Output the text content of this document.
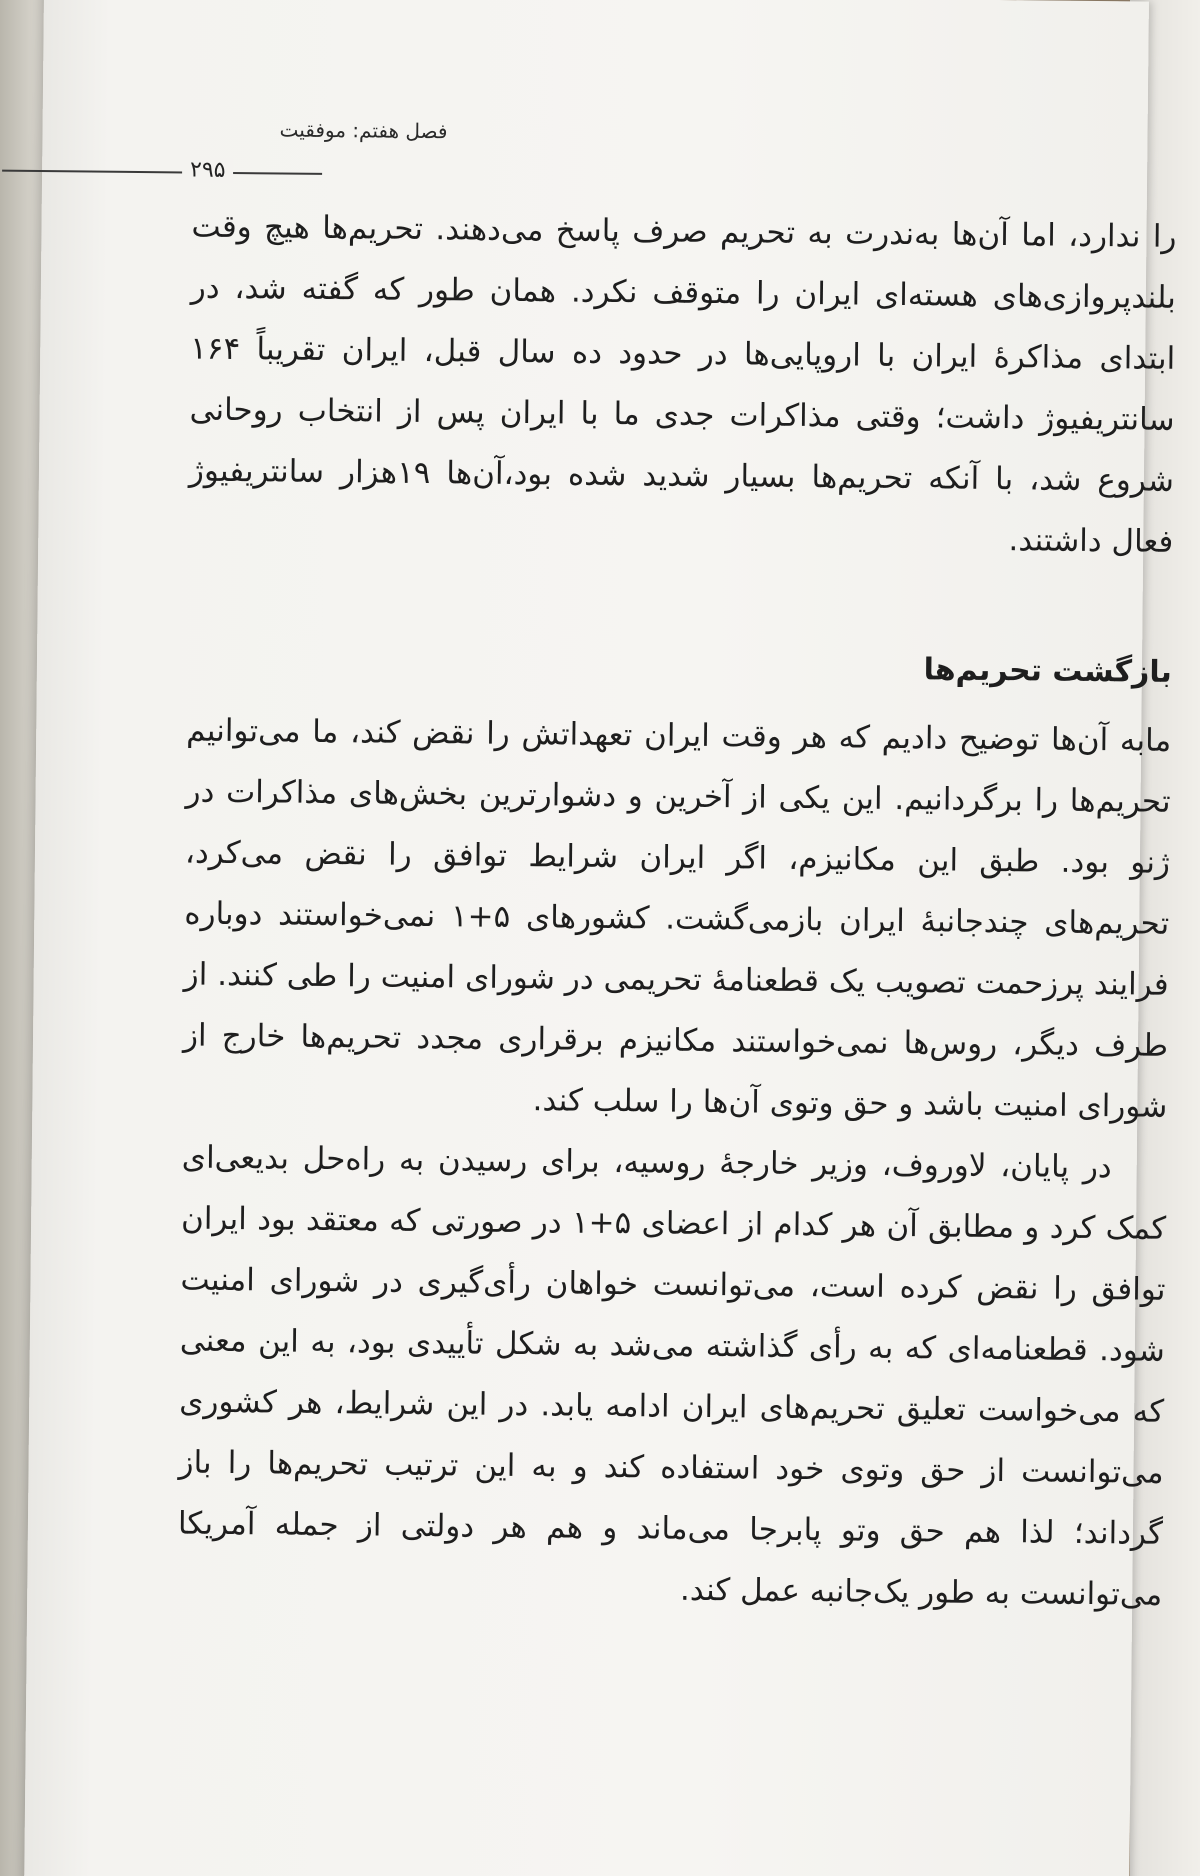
فصل هفتم: موفقیت
۲۹۵

را ندارد، اما آن‌ها به‌ندرت به تحریم صرف پاسخ می‌دهند. تحریم‌ها هیچ وقت بلندپروازی‌های هسته‌ای ایران را متوقف نکرد. همان طور که گفته شد، در ابتدای مذاکرهٔ ایران با اروپایی‌ها در حدود ده سال قبل، ایران تقریباً ۱۶۴ سانتریفیوژ داشت؛ وقتی مذاکرات جدی ما با ایران پس از انتخاب روحانی شروع شد، با آنکه تحریم‌ها بسیار شدید شده بود،آن‌ها ۱۹هزار سانتریفیوژ فعال داشتند.

بازگشت تحریم‌ها

مابه آن‌ها توضیح دادیم که هر وقت ایران تعهداتش را نقض کند، ما می‌توانیم تحریم‌ها را برگردانیم. این یکی از آخرین و دشوارترین بخش‌های مذاکرات در ژنو بود. طبق این مکانیزم، اگر ایران شرایط توافق را نقض می‌کرد، تحریم‌های چندجانبهٔ ایران بازمی‌گشت. کشورهای ۵+۱ نمی‌خواستند دوباره فرایند پرزحمت تصویب یک قطعنامهٔ تحریمی در شورای امنیت را طی کنند. از طرف دیگر، روس‌ها نمی‌خواستند مکانیزم برقراری مجدد تحریم‌ها خارج از شورای امنیت باشد و حق وتوی آن‌ها را سلب کند.

در پایان، لاوروف، وزیر خارجهٔ روسیه، برای رسیدن به راه‌حل بدیعی‌ای کمک کرد و مطابق آن هر کدام از اعضای ۵+۱ در صورتی که معتقد بود ایران توافق را نقض کرده است، می‌توانست خواهان رأی‌گیری در شورای امنیت شود. قطعنامه‌ای که به رأی گذاشته می‌شد به شکل تأییدی بود، به این معنی که می‌خواست تعلیق تحریم‌های ایران ادامه یابد. در این شرایط، هر کشوری می‌توانست از حق وتوی خود استفاده کند و به این ترتیب تحریم‌ها را باز گرداند؛ لذا هم حق وتو پابرجا می‌ماند و هم هر دولتی از جمله آمریکا می‌توانست به طور یک‌جانبه عمل کند.
